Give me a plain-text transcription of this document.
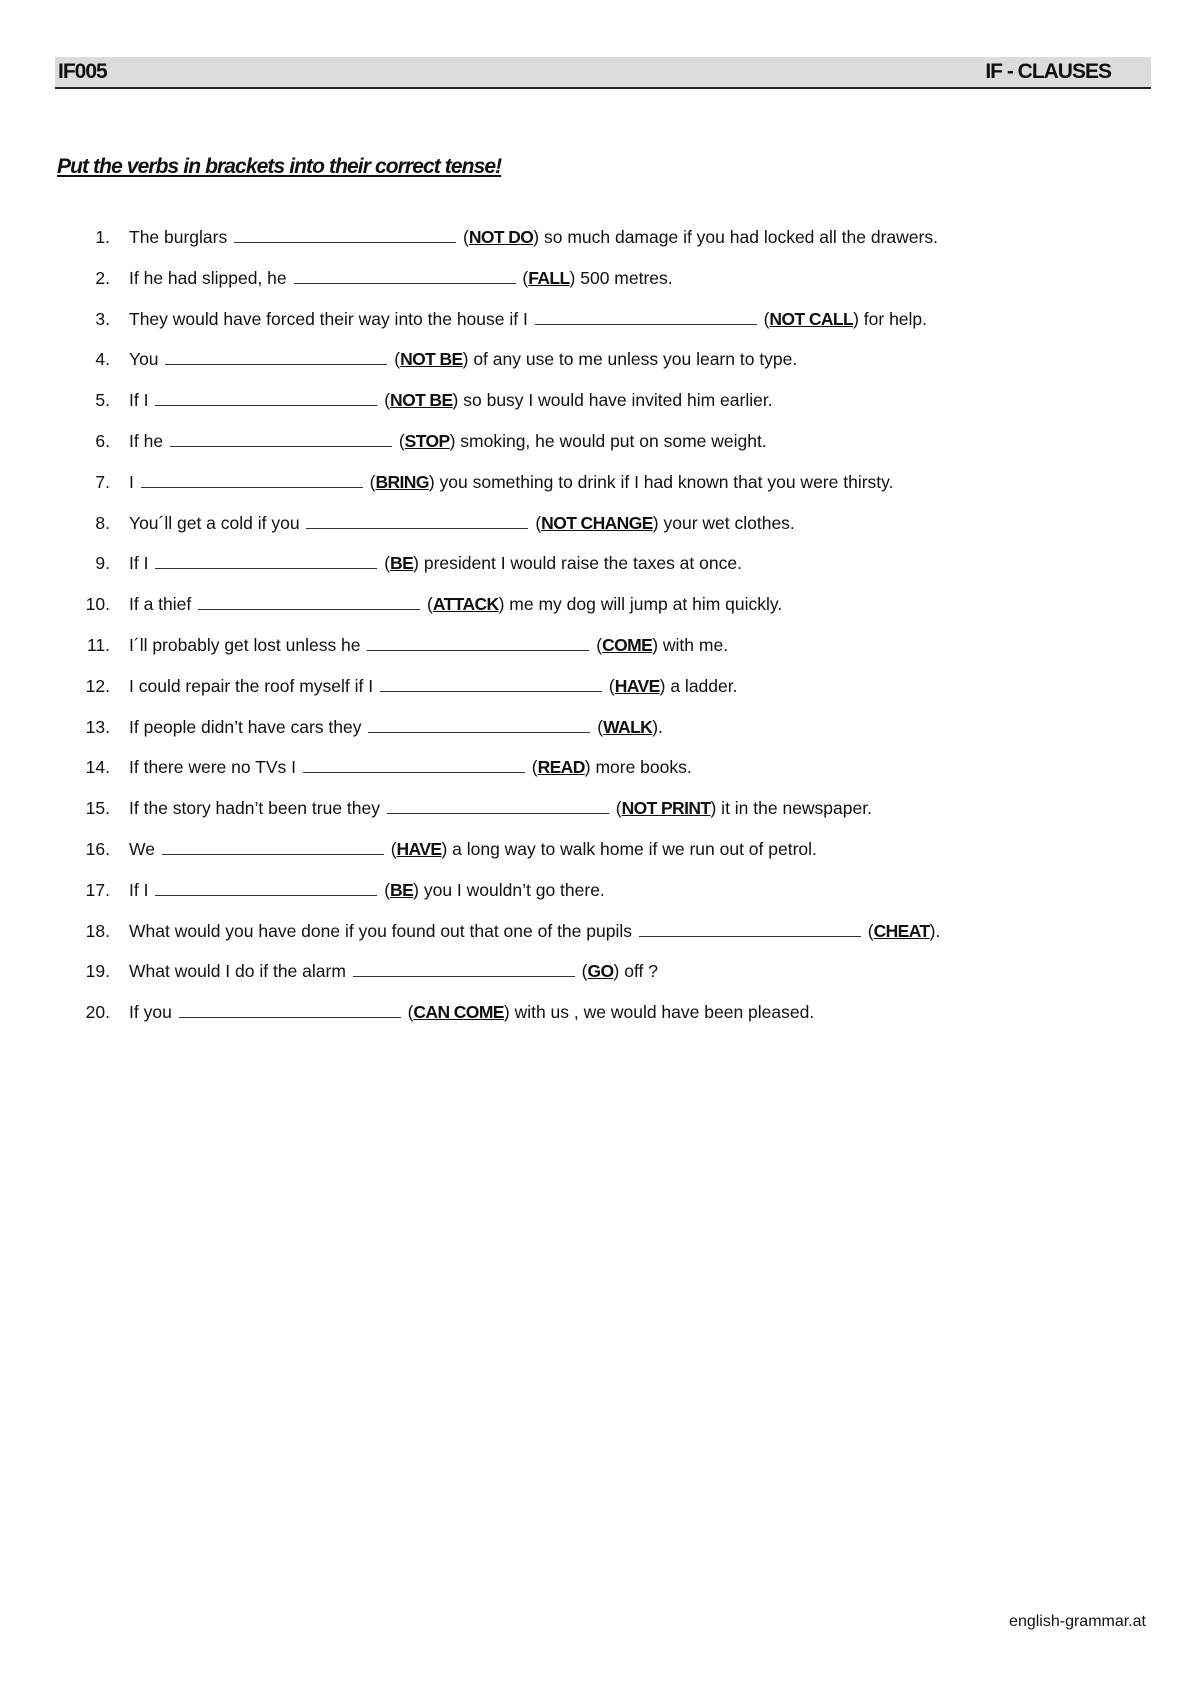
IF005	IF - CLAUSES
Put the verbs in brackets into their correct tense!
1. The burglars	(NOT DO) so much damage if you had locked all the drawers.
2. If he had slipped, he	(FALL) 500 metres.
3. They would have forced their way into the house if I	(NOT CALL) for help.
4. You	(NOT BE) of any use to me unless you learn to type.
5. If I	(NOT BE) so busy I would have invited him earlier.
6. If he	(STOP) smoking, he would put on some weight.
7. I	(BRING) you something to drink if I had known that you were thirsty.
8. You´ll get a cold if you	(NOT CHANGE) your wet clothes.
9. If I	(BE) president I would raise the taxes at once.
10. If a thief	(ATTACK) me my dog will jump at him quickly.
11. I´ll probably get lost unless he	(COME) with me.
12. I could repair the roof myself if I	(HAVE) a ladder.
13. If people didn’t have cars they	(WALK).
14. If there were no TVs I	(READ) more books.
15. If the story hadn’t been true they	(NOT PRINT) it in the newspaper.
16. We	(HAVE) a long way to walk home if we run out of petrol.
17. If I	(BE) you I wouldn’t go there.
18. What would you have done if you found out that one of the pupils	(CHEAT).
19. What would I do if the alarm	(GO) off ?
20. If you	(CAN COME) with us , we would have been pleased.
english-grammar.at
